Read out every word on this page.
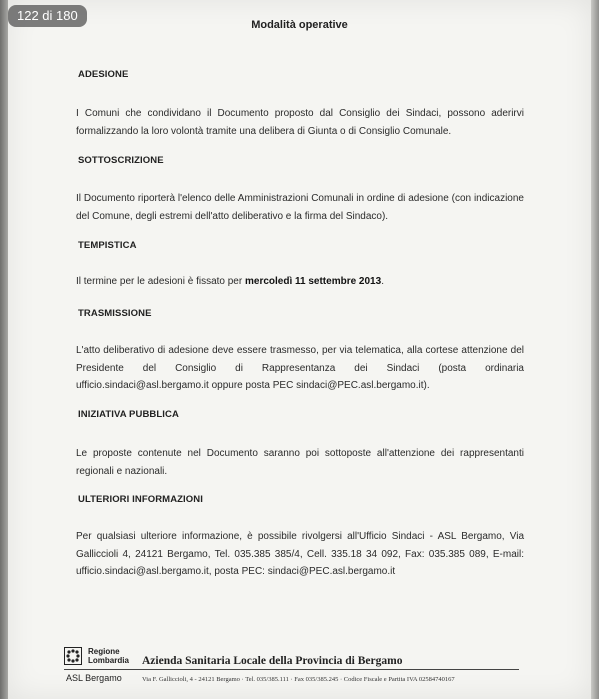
122 di 180
Modalità operative
ADESIONE
I Comuni che condividano il Documento proposto dal Consiglio dei Sindaci, possono aderirvi formalizzando la loro volontà tramite una delibera di Giunta o di Consiglio Comunale.
SOTTOSCRIZIONE
Il Documento riporterà l'elenco delle Amministrazioni Comunali in ordine di adesione (con indicazione del Comune, degli estremi dell'atto deliberativo e la firma del Sindaco).
TEMPISTICA
Il termine per le adesioni è fissato per mercoledì 11 settembre 2013.
TRASMISSIONE
L'atto deliberativo di adesione deve essere trasmesso, per via telematica, alla cortese attenzione del Presidente del Consiglio di Rappresentanza dei Sindaci (posta ordinaria ufficio.sindaci@asl.bergamo.it oppure posta PEC sindaci@PEC.asl.bergamo.it).
INIZIATIVA PUBBLICA
Le proposte contenute nel Documento saranno poi sottoposte all'attenzione dei rappresentanti regionali e nazionali.
ULTERIORI INFORMAZIONI
Per qualsiasi ulteriore informazione, è possibile rivolgersi all'Ufficio Sindaci - ASL Bergamo, Via Galliccioli 4, 24121 Bergamo, Tel. 035.385 385/4, Cell. 335.18 34 092, Fax: 035.385 089, E-mail: ufficio.sindaci@asl.bergamo.it, posta PEC: sindaci@PEC.asl.bergamo.it
Regione
Lombardia
ASL Bergamo
Azienda Sanitaria Locale della Provincia di Bergamo
Via F. Galliccioli, 4 - 24121 Bergamo · Tel. 035/385.111 · Fax 035/385.245 · Codice Fiscale e Partita IVA 02584740167
